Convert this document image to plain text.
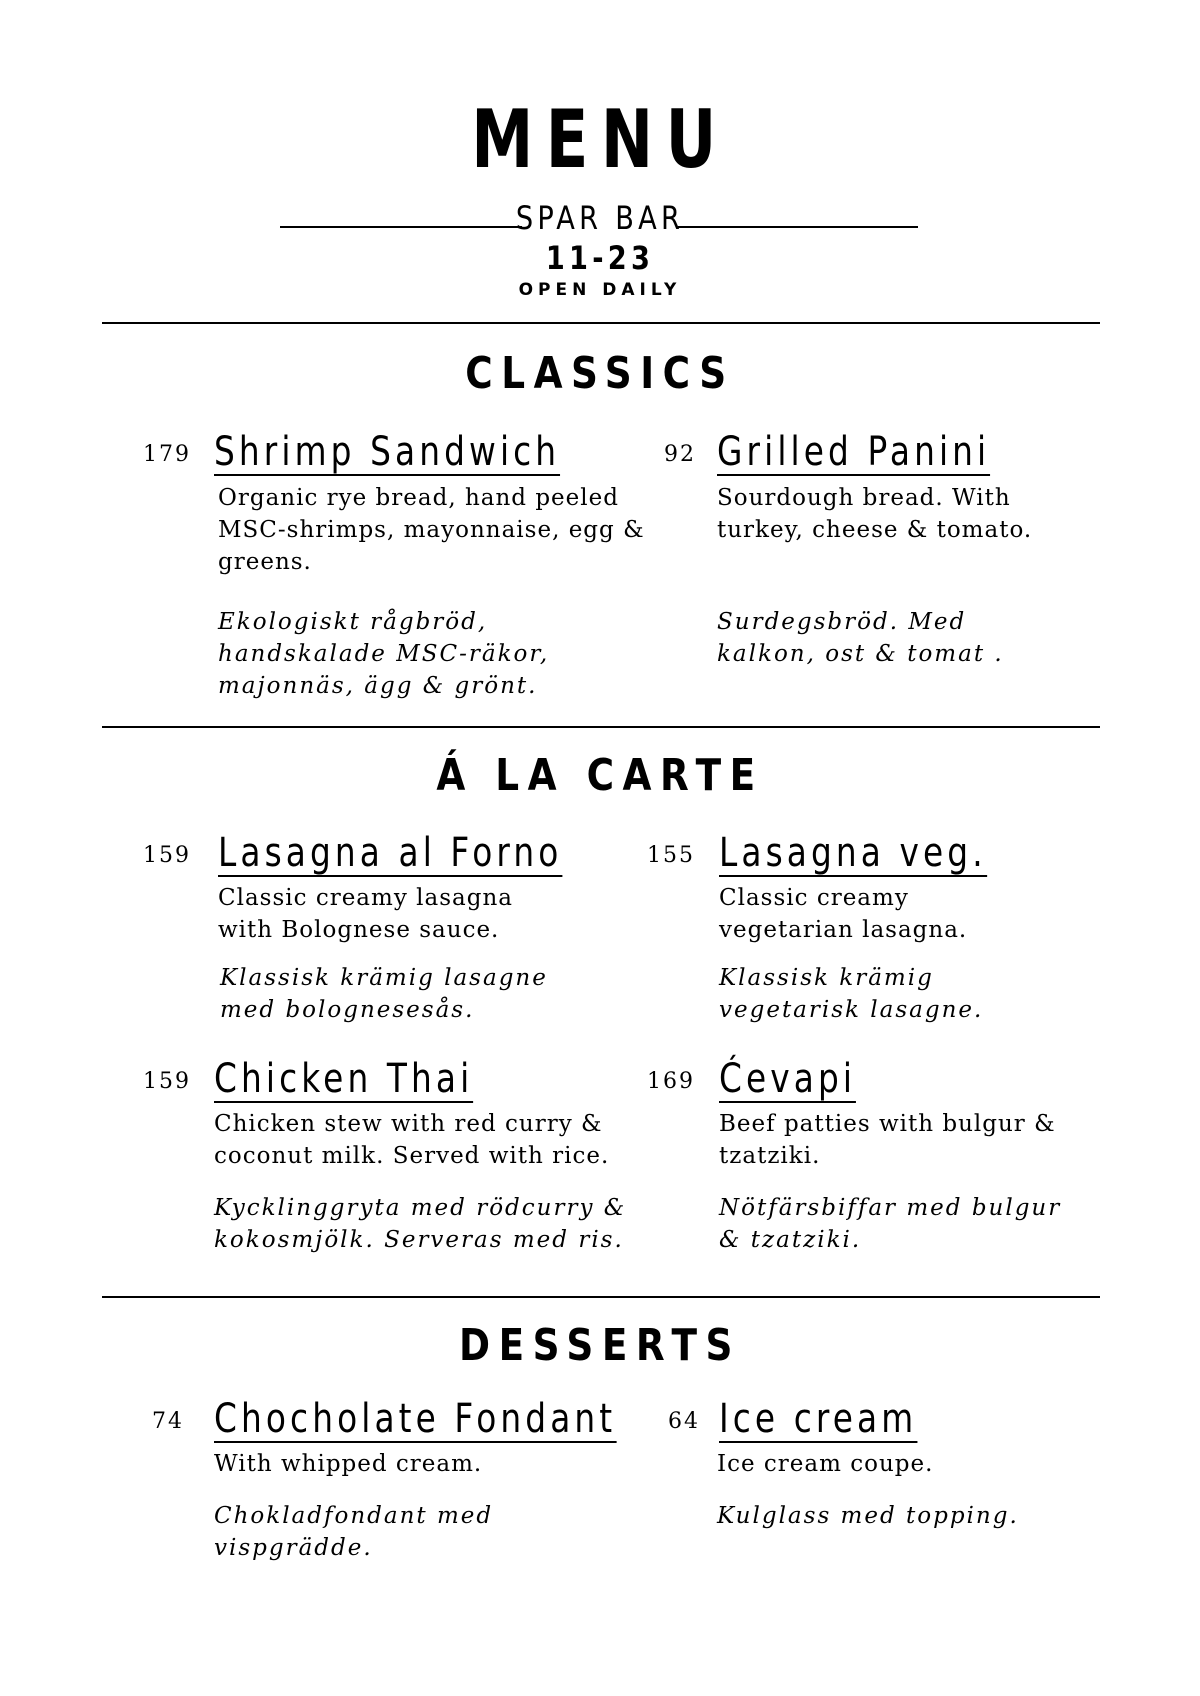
MENU
SPAR BAR
11-23
OPEN DAILY
CLASSICS
179 Shrimp Sandwich
Organic rye bread, hand peeled
MSC-shrimps, mayonnaise, egg &
greens.
Ekologiskt rågbröd,
handskalade MSC-räkor,
majonnäs, ägg & grönt.
92 Grilled Panini
Sourdough bread. With
turkey, cheese & tomato.
Surdegsbröd. Med
kalkon, ost & tomat .
Á LA CARTE
159 Lasagna al Forno
Classic creamy lasagna
with Bolognese sauce.
Klassisk krämig lasagne
med bolognesesås.
155 Lasagna veg.
Classic creamy
vegetarian lasagna.
Klassisk krämig
vegetarisk lasagne.
159 Chicken Thai
Chicken stew with red curry &
coconut milk. Served with rice.
Kycklinggryta med rödcurry &
kokosmjölk. Serveras med ris.
169 Ćevapi
Beef patties with bulgur &
tzatziki.
Nötfärsbiffar med bulgur
& tzatziki.
DESSERTS
74 Chocholate Fondant
With whipped cream.
Chokladfondant med vispgrädde.
64 Ice cream
Ice cream coupe.
Kulglass med topping.
